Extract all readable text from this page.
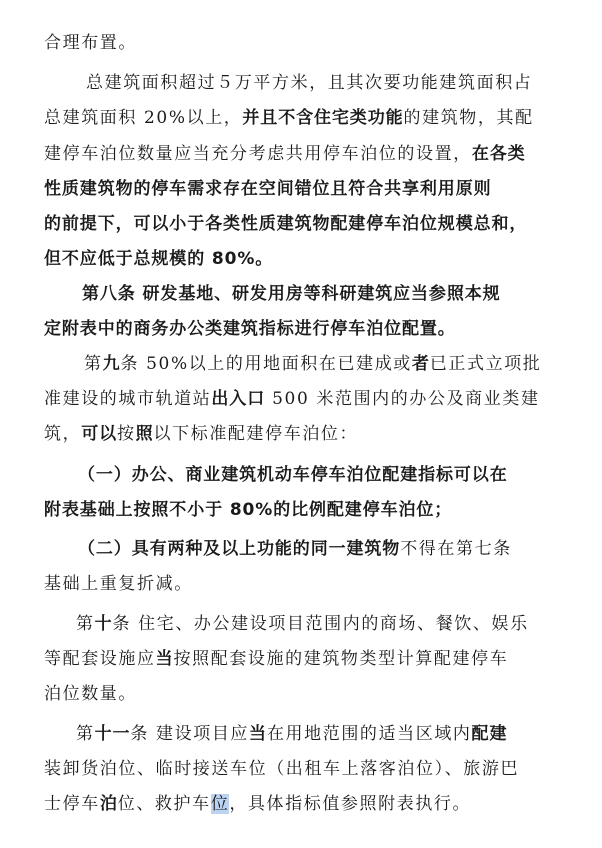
合理布置。
总建筑面积超过５万平方米，且其次要功能建筑面积占
总建筑面积 20%以上，并且不含住宅类功能的建筑物，其配
建停车泊位数量应当充分考虑共用停车泊位的设置，在各类
性质建筑物的停车需求存在空间错位且符合共享利用原则
的前提下，可以小于各类性质建筑物配建停车泊位规模总和，
但不应低于总规模的 80%。
第八条 研发基地、研发用房等科研建筑应当参照本规
定附表中的商务办公类建筑指标进行停车泊位配置。
第九条 50%以上的用地面积在已建成或者已正式立项批
准建设的城市轨道站出入口 500 米范围内的办公及商业类建
筑，可以按照以下标准配建停车泊位：
（一）办公、商业建筑机动车停车泊位配建指标可以在
附表基础上按照不小于 80%的比例配建停车泊位；
（二）具有两种及以上功能的同一建筑物不得在第七条
基础上重复折减。
第十条 住宅、办公建设项目范围内的商场、餐饮、娱乐
等配套设施应当按照配套设施的建筑物类型计算配建停车
泊位数量。
第十一条 建设项目应当在用地范围的适当区域内配建
装卸货泊位、临时接送车位（出租车上落客泊位）、旅游巴
士停车泊位、救护车位，具体指标值参照附表执行。
